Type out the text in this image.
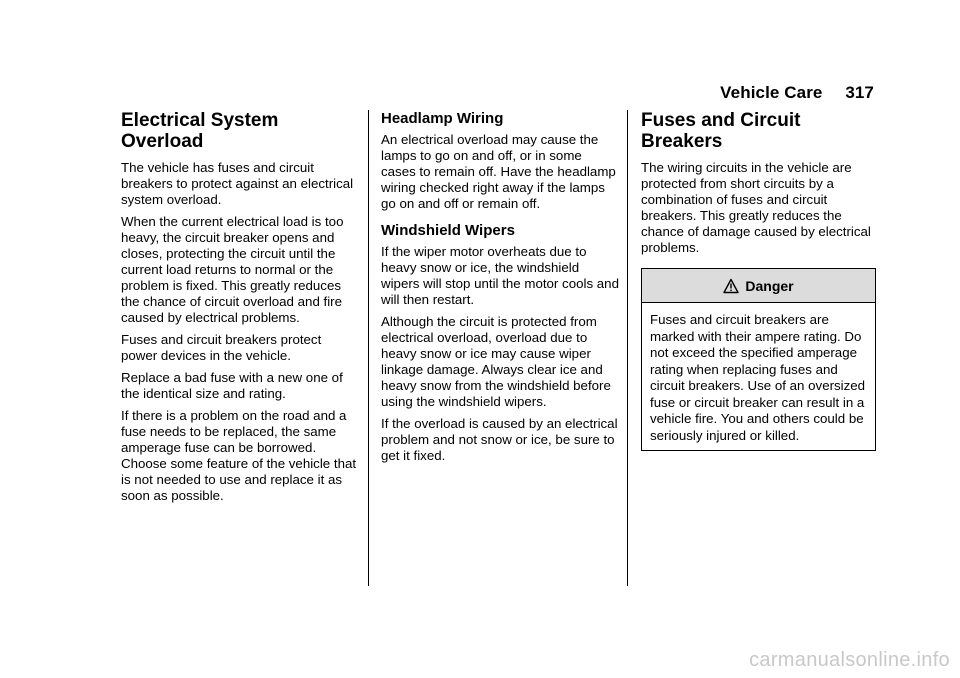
Vehicle Care 317
Electrical System
Overload

The vehicle has fuses and circuit breakers to protect against an electrical system overload.

When the current electrical load is too heavy, the circuit breaker opens and closes, protecting the circuit until the current load returns to normal or the problem is fixed. This greatly reduces the chance of circuit overload and fire caused by electrical problems.

Fuses and circuit breakers protect power devices in the vehicle.

Replace a bad fuse with a new one of the identical size and rating.

If there is a problem on the road and a fuse needs to be replaced, the same amperage fuse can be borrowed. Choose some feature of the vehicle that is not needed to use and replace it as soon as possible.

Headlamp Wiring

An electrical overload may cause the lamps to go on and off, or in some cases to remain off. Have the headlamp wiring checked right away if the lamps go on and off or remain off.

Windshield Wipers

If the wiper motor overheats due to heavy snow or ice, the windshield wipers will stop until the motor cools and will then restart.

Although the circuit is protected from electrical overload, overload due to heavy snow or ice may cause wiper linkage damage. Always clear ice and heavy snow from the windshield before using the windshield wipers.

If the overload is caused by an electrical problem and not snow or ice, be sure to get it fixed.

Fuses and Circuit
Breakers

The wiring circuits in the vehicle are protected from short circuits by a combination of fuses and circuit breakers. This greatly reduces the chance of damage caused by electrical problems.

Danger

Fuses and circuit breakers are marked with their ampere rating. Do not exceed the specified amperage rating when replacing fuses and circuit breakers. Use of an oversized fuse or circuit breaker can result in a vehicle fire. You and others could be seriously injured or killed.

carmanualsonline.info
